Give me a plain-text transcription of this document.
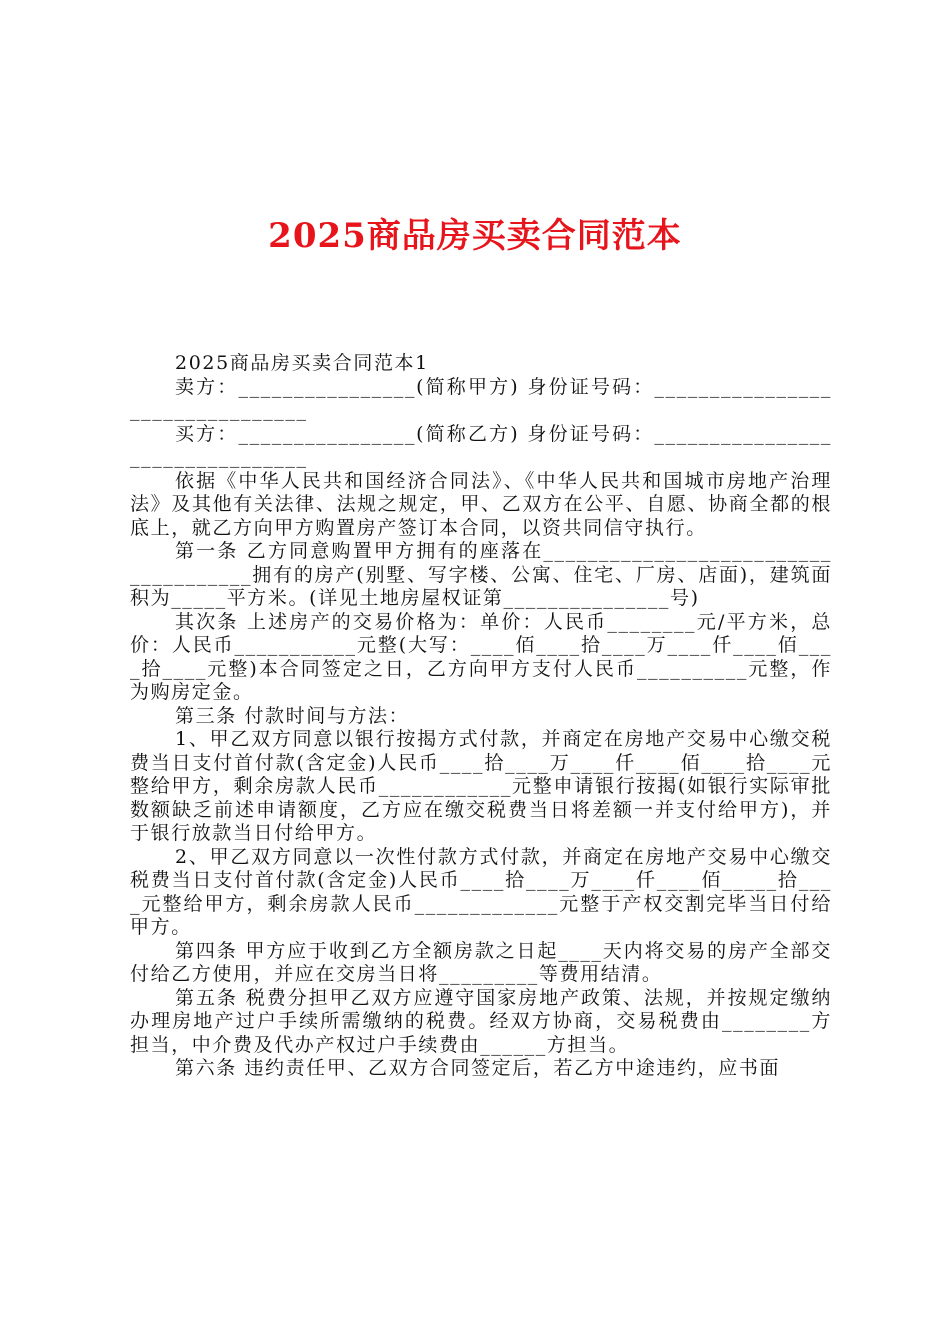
2025商品房买卖合同范本

2025商品房买卖合同范本1

卖方：________________(简称甲方) 身份证号码：________________________________

买方：________________(简称乙方) 身份证号码：________________________________

依据《中华人民共和国经济合同法》、《中华人民共和国城市房地产治理法》及其他有关法律、法规之规定，甲、乙双方在公平、自愿、协商全都的根底上，就乙方向甲方购置房产签订本合同，以资共同信守执行。

第一条 乙方同意购置甲方拥有的座落在_____________________________________拥有的房产(别墅、写字楼、公寓、住宅、厂房、店面)，建筑面积为_____平方米。(详见土地房屋权证第_______________号)

其次条 上述房产的交易价格为：单价：人民币________元/平方米，总价：人民币___________元整(大写：____佰____拾____万____仟____佰____拾____元整)本合同签定之日，乙方向甲方支付人民币__________元整，作为购房定金。

第三条 付款时间与方法：

1、甲乙双方同意以银行按揭方式付款，并商定在房地产交易中心缴交税费当日支付首付款(含定金)人民币____拾____万____仟____佰____拾____元整给甲方，剩余房款人民币____________元整申请银行按揭(如银行实际审批数额缺乏前述申请额度，乙方应在缴交税费当日将差额一并支付给甲方)，并于银行放款当日付给甲方。

2、甲乙双方同意以一次性付款方式付款，并商定在房地产交易中心缴交税费当日支付首付款(含定金)人民币____拾____万____仟____佰_____拾____元整给甲方，剩余房款人民币_____________元整于产权交割完毕当日付给甲方。

第四条 甲方应于收到乙方全额房款之日起____天内将交易的房产全部交付给乙方使用，并应在交房当日将_________等费用结清。

第五条 税费分担甲乙双方应遵守国家房地产政策、法规，并按规定缴纳办理房地产过户手续所需缴纳的税费。经双方协商，交易税费由________方担当，中介费及代办产权过户手续费由______方担当。

第六条 违约责任甲、乙双方合同签定后，若乙方中途违约，应书面
